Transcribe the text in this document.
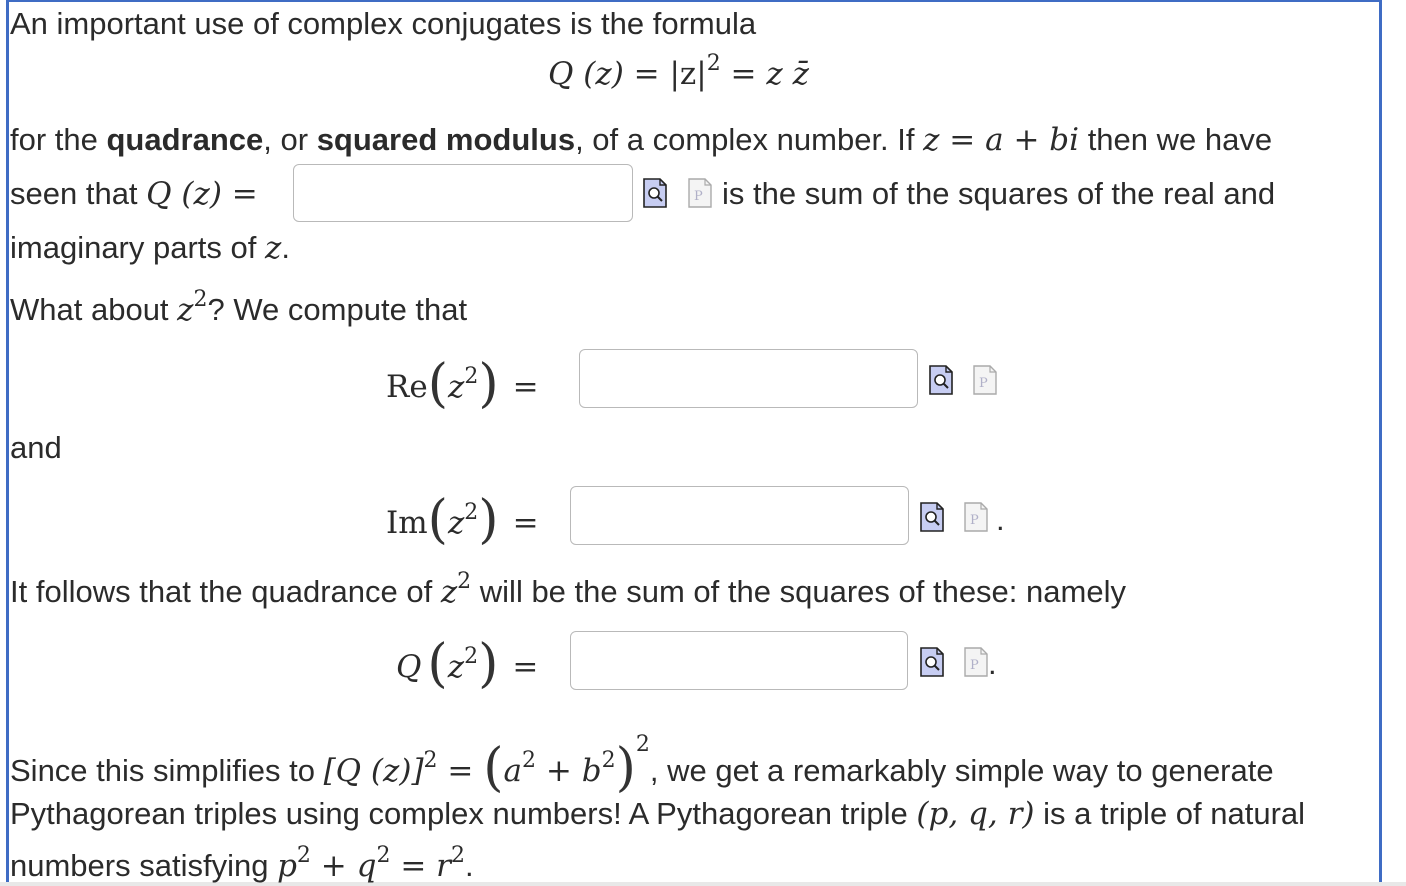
An important use of complex conjugates is the formula
Q $(z) = |z|^2 = z$ z̄
for the quadrance, or squared modulus, of a complex number. If z = a + bi then we have
seen that Q (z) =	P is the sum of the squares of the real and
imaginary parts of z.
What about $z^2$? We compute that
$Re(z^2)$ =	P
and
$Im(z^2)$ =	P .
It follows that the quadrance of $z^2$ will be the sum of the squares of these: namely
Q $(z^2)$ =	P .
Since this simplifies to [Q $(z)]^2 = (a^2 + b^2)^2$, we get a remarkably simple way to generate
Pythagorean triples using complex numbers! A Pythagorean triple (p, q, r) is a triple of natural
numbers satisfying $p^2 + q^2 = r^2$.
